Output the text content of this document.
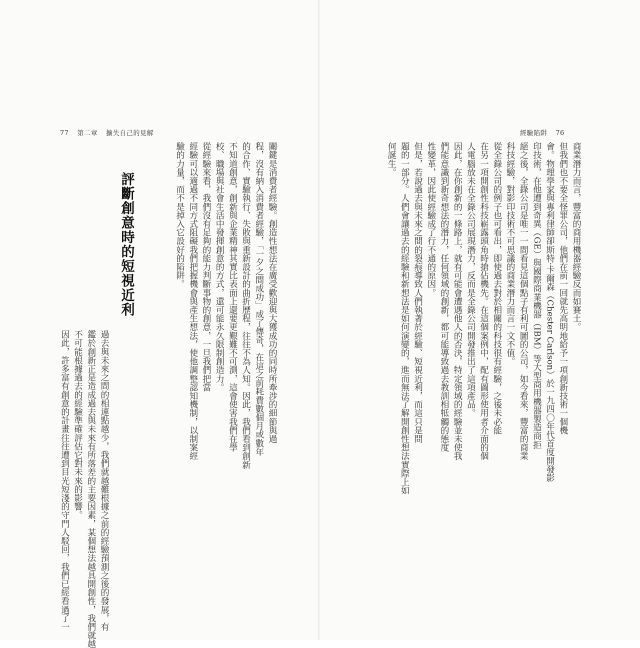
77 第二章 擴失自己的見解

關鍵是消費者經驗。創造性想法在廣受歡迎與大獲成功的同時所牽涉的細節與過

程，沒有納入消費者經驗，「一夕之間成功」成了傳奇，在這之前耗費數個月或數年

的合作、實驗執行、失敗與重新設計的曲折歷程，往往不為人知。因此，我們看到創新

不知道創意，創新與企業精神其實比表面上還要更艱難不可測，這會使害我們在學

校、職場與社會生活中發揮創意的方式，還可能永久限制創造力。

從經驗來看，我們沒有足夠的能力判斷事物的創意，一旦我們把當

經驗可以適過不同方式阻礙我們把握機會與產生想法，使他調整認知機制，以制案經

驗的力量，而不是掉入它設好的陷阱。

評斷創意時的短視近利

過去與未來之間的相連點越少，我們就越難根據之前的經驗預測之後的發展，有

鑑於創新正是造成過去與未來有所落差的主要因素，某個想法越具開創性，我們就越

不可能根據過去的經驗準確評估它對未來的影響。

因此，許多富有創意的計畫往往遭到目光短淺的守門人駁回，我們已經看過了一

經驗陷阱 76

商業潛力而言，豐富的商用機器經驗反而如賽土。

但我們也不要全怪罪公司，他們在前一回就先高明地給予一項創新技術一個機

會。物理學家與專利律師卻斯特·卡爾森（Chester Carlson）於一九四〇年代首度開發影

印技術，在他遭到奇異（GE）與國際商業機器（IBM）等大型商用機器製造商拒

絕之後，全錄公司是唯一一間看見這個點子有利可圖的公司，如今看來，豐富的商業

科技經驗，對影印技術不可思議的商業潛力而言一文不值。

從全錄公司的例子也可看出，即使過去對於相關的科技很有經驗，之後未必能

在另一項開創性科技嶄露頭角時搶佔機先。在這個案例中，配有圖形使用者介面的個

人電腦放未在全錄公司展現潛力，反而是全錄公司開發推出了這項產品。

因此，在你創新的一條路上，就有可能會遭遇他人的否決，特定領域的經驗並未使我

們能意識到新奇想法的潛力，任何領域的創新，都可能導致過去教訓相牴觸的態度

性變革，因此使經驗成了行不通的原因。

但是，若說過去與未來之間的裂痕導致人們執著於經驗、短視近利，而這只是問

題的一部分。人們會讓過去的經驗和新想法是如何演變的，進而無法了解開創性想法實際上如

何誕生。
